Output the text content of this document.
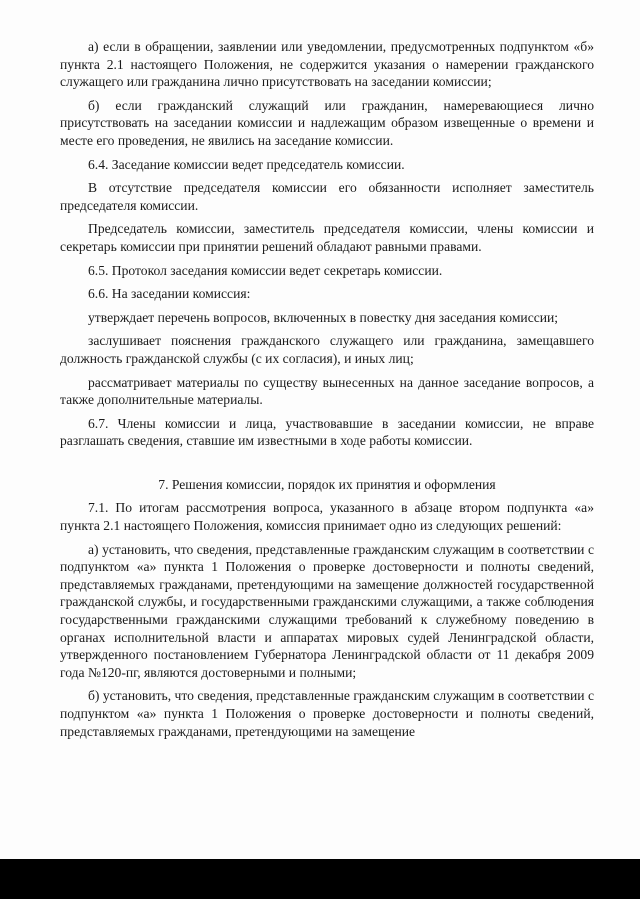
а) если в обращении, заявлении или уведомлении, предусмотренных подпунктом «б» пункта 2.1 настоящего Положения, не содержится указания о намерении гражданского служащего или гражданина лично присутствовать на заседании комиссии;

б) если гражданский служащий или гражданин, намеревающиеся лично присутствовать на заседании комиссии и надлежащим образом извещенные о времени и месте его проведения, не явились на заседание комиссии.

6.4. Заседание комиссии ведет председатель комиссии.

В отсутствие председателя комиссии его обязанности исполняет заместитель председателя комиссии.

Председатель комиссии, заместитель председателя комиссии, члены комиссии и секретарь комиссии при принятии решений обладают равными правами.

6.5. Протокол заседания комиссии ведет секретарь комиссии.

6.6. На заседании комиссия:

утверждает перечень вопросов, включенных в повестку дня заседания комиссии;

заслушивает пояснения гражданского служащего или гражданина, замещавшего должность гражданской службы (с их согласия), и иных лиц;

рассматривает материалы по существу вынесенных на данное заседание вопросов, а также дополнительные материалы.

6.7. Члены комиссии и лица, участвовавшие в заседании комиссии, не вправе разглашать сведения, ставшие им известными в ходе работы комиссии.

7. Решения комиссии, порядок их принятия и оформления

7.1. По итогам рассмотрения вопроса, указанного в абзаце втором подпункта «а» пункта 2.1 настоящего Положения, комиссия принимает одно из следующих решений:

а) установить, что сведения, представленные гражданским служащим в соответствии с подпунктом «а» пункта 1 Положения о проверке достоверности и полноты сведений, представляемых гражданами, претендующими на замещение должностей государственной гражданской службы, и государственными гражданскими служащими, а также соблюдения государственными гражданскими служащими требований к служебному поведению в органах исполнительной власти и аппаратах мировых судей Ленинградской области, утвержденного постановлением Губернатора Ленинградской области от 11 декабря 2009 года №120-пг, являются достоверными и полными;

б) установить, что сведения, представленные гражданским служащим в соответствии с подпунктом «а» пункта 1 Положения о проверке достоверности и полноты сведений, представляемых гражданами, претендующими на замещение
